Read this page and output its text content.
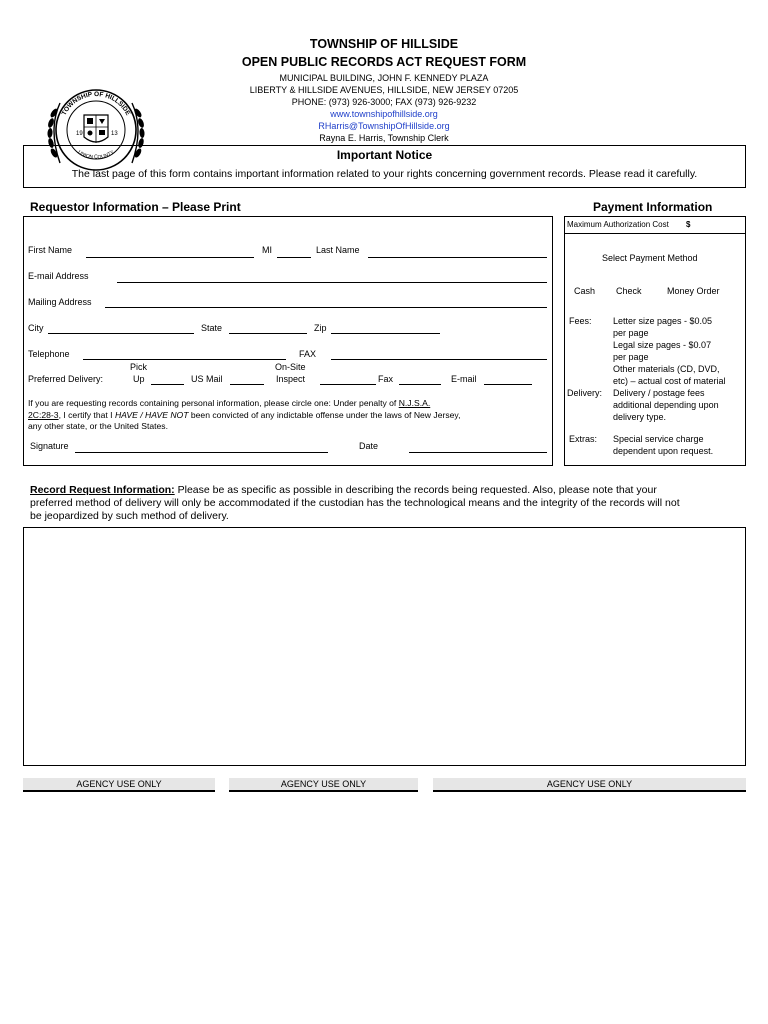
TOWNSHIP OF HILLSIDE
OPEN PUBLIC RECORDS ACT REQUEST FORM
MUNICIPAL BUILDING, JOHN F. KENNEDY PLAZA
LIBERTY & HILLSIDE AVENUES, HILLSIDE, NEW JERSEY 07205
PHONE: (973) 926-3000; FAX (973) 926-9232
www.townshipofhillside.org
RHarris@TownshipOfHillside.org
Rayna E. Harris, Township Clerk
TOWNSHIP OF HILLSIDE
UNION COUNTY
19	13
Important Notice
The last page of this form contains important information related to your rights concerning government records. Please read it carefully.
Requestor Information – Please Print	Payment Information
First Name	MI	Last Name
E-mail Address
Mailing Address
City	State	Zip
Telephone	FAX
Pick	On-Site
Preferred Delivery:	Up	US Mail	Inspect	Fax	E-mail
If you are requesting records containing personal information, please circle one: Under penalty of N.J.S.A.
2C:28-3, I certify that I HAVE / HAVE NOT been convicted of any indictable offense under the laws of New Jersey,
any other state, or the United States.
Signature	Date
Maximum Authorization Cost $
Select Payment Method
Cash Check	Money Order
Fees: Letter size pages - $0.05
per page
Legal size pages - $0.07
per page
Other materials (CD, DVD,
etc) – actual cost of material
Delivery: Delivery / postage fees
additional depending upon
delivery type.
Extras: Special service charge
dependent upon request.
Record Request Information: Please be as specific as possible in describing the records being requested. Also, please note that your
preferred method of delivery will only be accommodated if the custodian has the technological means and the integrity of the records will not
be jeopardized by such method of delivery.
AGENCY USE ONLY	AGENCY USE ONLY	AGENCY USE ONLY
